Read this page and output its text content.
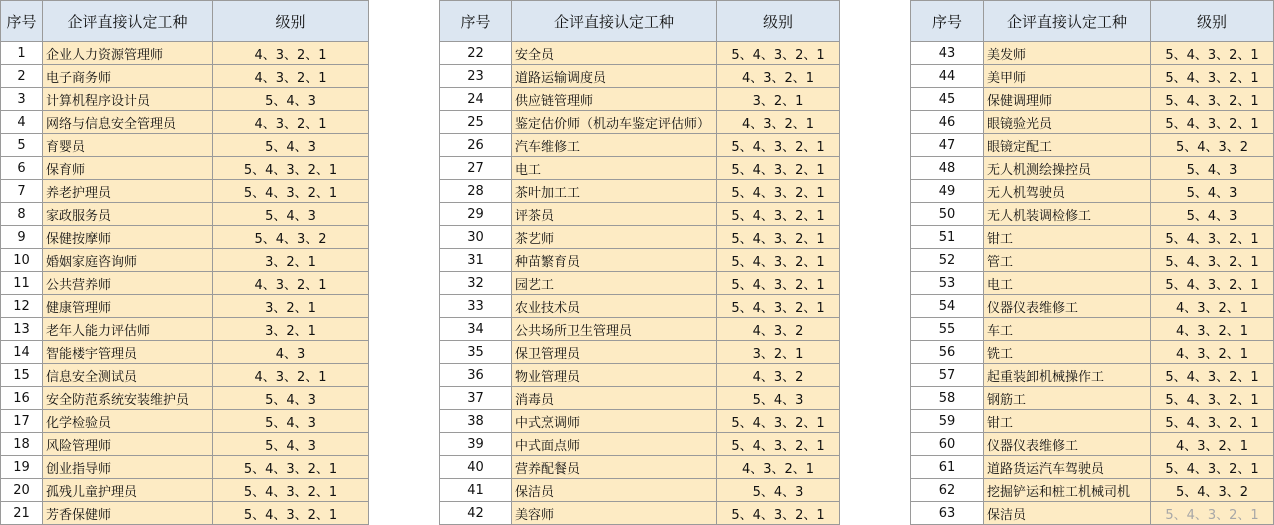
序号	企评直接认定工种	级别
1	企业人力资源管理师	4、3、2、1
2	电子商务师	4、3、2、1
3	计算机程序设计员	5、4、3
4	网络与信息安全管理员	4、3、2、1
5	育婴员	5、4、3
6	保育师	5、4、3、2、1
7	养老护理员	5、4、3、2、1
8	家政服务员	5、4、3
9	保健按摩师	5、4、3、2
10	婚姻家庭咨询师	3、2、1
11	公共营养师	4、3、2、1
12	健康管理师	3、2、1
13	老年人能力评估师	3、2、1
14	智能楼宇管理员	4、3
15	信息安全测试员	4、3、2、1
16	安全防范系统安装维护员	5、4、3
17	化学检验员	5、4、3
18	风险管理师	5、4、3
19	创业指导师	5、4、3、2、1
20	孤残儿童护理员	5、4、3、2、1
21	芳香保健师	5、4、3、2、1
序号	企评直接认定工种	级别
22	安全员	5、4、3、2、1
23	道路运输调度员	4、3、2、1
24	供应链管理师	3、2、1
25	鉴定估价师（机动车鉴定评估师）	4、3、2、1
26	汽车维修工	5、4、3、2、1
27	电工	5、4、3、2、1
28	茶叶加工工	5、4、3、2、1
29	评茶员	5、4、3、2、1
30	茶艺师	5、4、3、2、1
31	种苗繁育员	5、4、3、2、1
32	园艺工	5、4、3、2、1
33	农业技术员	5、4、3、2、1
34	公共场所卫生管理员	4、3、2
35	保卫管理员	3、2、1
36	物业管理员	4、3、2
37	消毒员	5、4、3
38	中式烹调师	5、4、3、2、1
39	中式面点师	5、4、3、2、1
40	营养配餐员	4、3、2、1
41	保洁员	5、4、3
42	美容师	5、4、3、2、1
序号	企评直接认定工种	级别
43	美发师	5、4、3、2、1
44	美甲师	5、4、3、2、1
45	保健调理师	5、4、3、2、1
46	眼镜验光员	5、4、3、2、1
47	眼镜定配工	5、4、3、2
48	无人机测绘操控员	5、4、3
49	无人机驾驶员	5、4、3
50	无人机装调检修工	5、4、3
51	钳工	5、4、3、2、1
52	管工	5、4、3、2、1
53	电工	5、4、3、2、1
54	仪器仪表维修工	4、3、2、1
55	车工	4、3、2、1
56	铣工	4、3、2、1
57	起重装卸机械操作工	5、4、3、2、1
58	钢筋工	5、4、3、2、1
59	钳工	5、4、3、2、1
60	仪器仪表维修工	4、3、2、1
61	道路货运汽车驾驶员	5、4、3、2、1
62	挖掘铲运和桩工机械司机	5、4、3、2
63	保洁员	5、4、3、2、1
